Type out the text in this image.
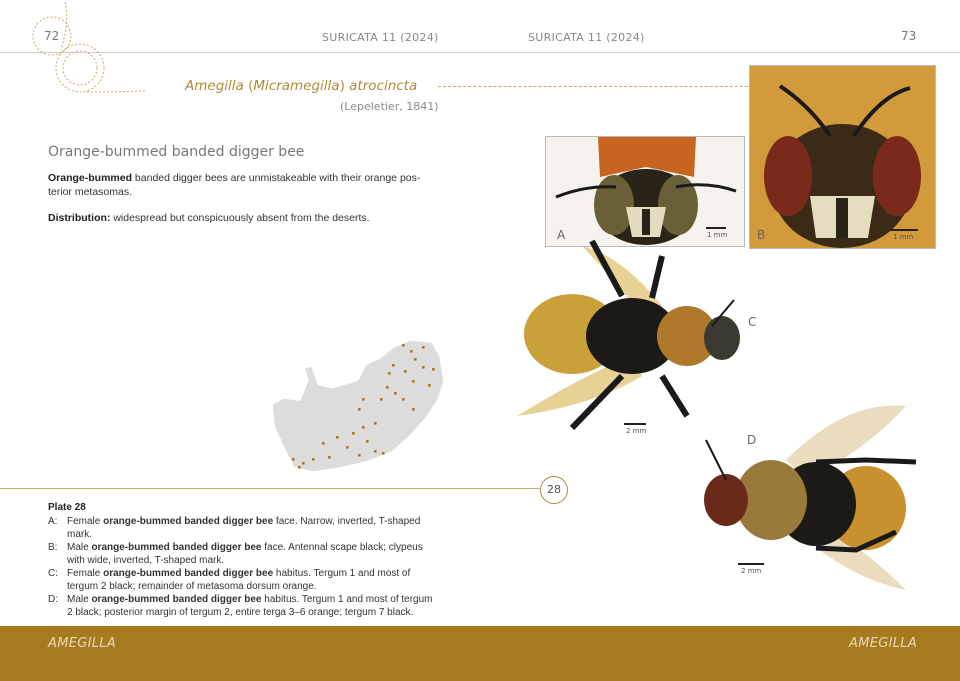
72	SURICATA 11 (2024)	SURICATA 11 (2024)	73
Amegilla (Micramegilla) atrocincta
(Lepeletier, 1841)
Orange-bummed banded digger bee
Orange-bummed banded digger bees are unmistakeable with their orange pos-terior metasomas.
Distribution: widespread but conspicuously absent from the deserts.
A	1 mm B	1 mm
C
2 mm
D
2 mm
28
Plate 28
A: Female orange-bummed banded digger bee face. Narrow, inverted, T-shaped mark.
B: Male orange-bummed banded digger bee face. Antennal scape black; clypeus with wide, inverted, T-shaped mark.
C: Female orange-bummed banded digger bee habitus. Tergum 1 and most of tergum 2 black; remainder of metasoma dorsum orange.
D: Male orange-bummed banded digger bee habitus. Tergum 1 and most of tergum 2 black; posterior margin of tergum 2, entire terga 3–6 orange; tergum 7 black.
AMEGILLA	AMEGILLA
